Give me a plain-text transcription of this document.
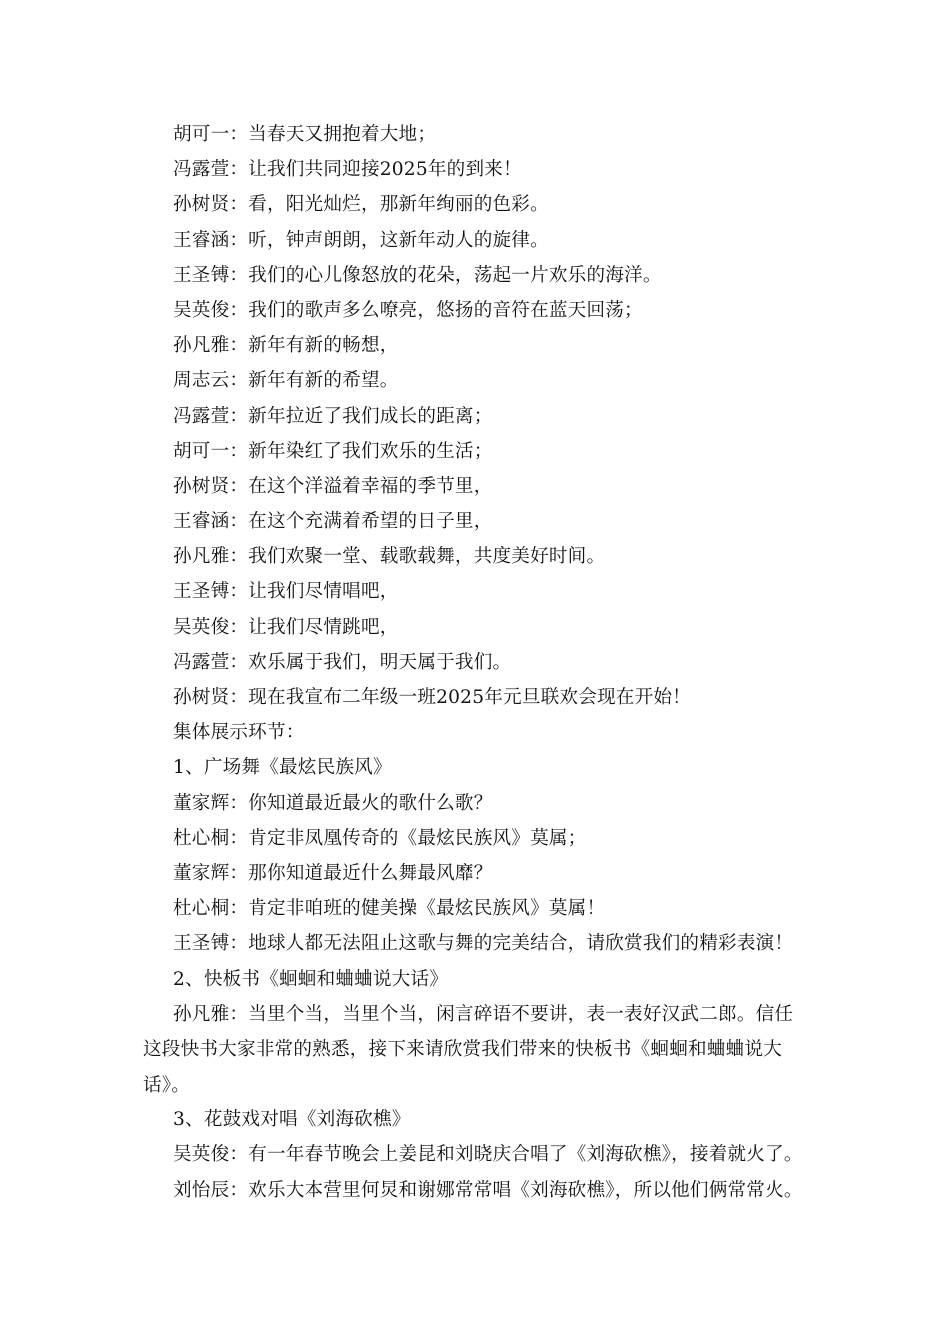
胡可一：当春天又拥抱着大地；
冯露萱：让我们共同迎接2025年的到来！
孙树贤：看，阳光灿烂，那新年绚丽的色彩。
王睿涵：听，钟声朗朗，这新年动人的旋律。
王圣镈：我们的心儿像怒放的花朵，荡起一片欢乐的海洋。
吴英俊：我们的歌声多么嘹亮，悠扬的音符在蓝天回荡；
孙凡雅：新年有新的畅想，
周志云：新年有新的希望。
冯露萱：新年拉近了我们成长的距离；
胡可一：新年染红了我们欢乐的生活；
孙树贤：在这个洋溢着幸福的季节里，
王睿涵：在这个充满着希望的日子里，
孙凡雅：我们欢聚一堂、载歌载舞，共度美好时间。
王圣镈：让我们尽情唱吧，
吴英俊：让我们尽情跳吧，
冯露萱：欢乐属于我们，明天属于我们。
孙树贤：现在我宣布二年级一班2025年元旦联欢会现在开始！
集体展示环节：
1、广场舞《最炫民族风》
董家辉：你知道最近最火的歌什么歌？
杜心桐：肯定非凤凰传奇的《最炫民族风》莫属；
董家辉：那你知道最近什么舞最风靡？
杜心桐：肯定非咱班的健美操《最炫民族风》莫属！
王圣镈：地球人都无法阻止这歌与舞的完美结合，请欣赏我们的精彩表演！
2、快板书《蛔蛔和蛐蛐说大话》
孙凡雅：当里个当，当里个当，闲言碎语不要讲，表一表好汉武二郎。信任
这段快书大家非常的熟悉，接下来请欣赏我们带来的快板书《蛔蛔和蛐蛐说大
话》。
3、花鼓戏对唱《刘海砍樵》
吴英俊：有一年春节晚会上姜昆和刘晓庆合唱了《刘海砍樵》，接着就火了。
刘怡辰：欢乐大本营里何炅和谢娜常常唱《刘海砍樵》，所以他们俩常常火。
